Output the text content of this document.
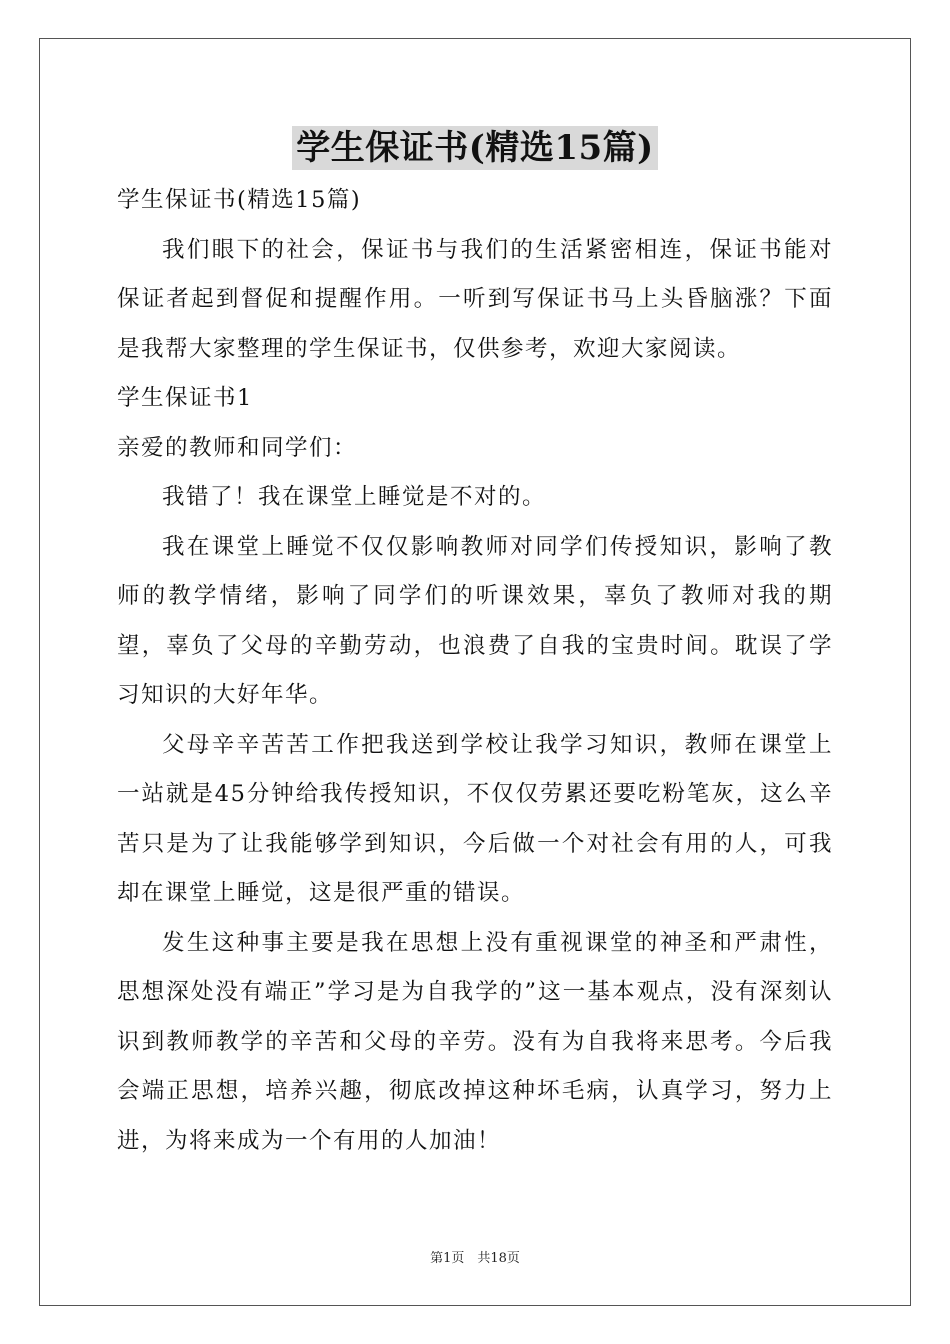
学生保证书(精选15篇)

学生保证书(精选15篇)

我们眼下的社会，保证书与我们的生活紧密相连，保证书能对保证者起到督促和提醒作用。一听到写保证书马上头昏脑涨？下面是我帮大家整理的学生保证书，仅供参考，欢迎大家阅读。

学生保证书1

亲爱的教师和同学们：

我错了！我在课堂上睡觉是不对的。

我在课堂上睡觉不仅仅影响教师对同学们传授知识，影响了教师的教学情绪，影响了同学们的听课效果，辜负了教师对我的期望，辜负了父母的辛勤劳动，也浪费了自我的宝贵时间。耽误了学习知识的大好年华。

父母辛辛苦苦工作把我送到学校让我学习知识，教师在课堂上一站就是45分钟给我传授知识，不仅仅劳累还要吃粉笔灰，这么辛苦只是为了让我能够学到知识，今后做一个对社会有用的人，可我却在课堂上睡觉，这是很严重的错误。

发生这种事主要是我在思想上没有重视课堂的神圣和严肃性，思想深处没有端正”学习是为自我学的”这一基本观点，没有深刻认识到教师教学的辛苦和父母的辛劳。没有为自我将来思考。今后我会端正思想，培养兴趣，彻底改掉这种坏毛病，认真学习，努力上进，为将来成为一个有用的人加油！

第1页　共18页
